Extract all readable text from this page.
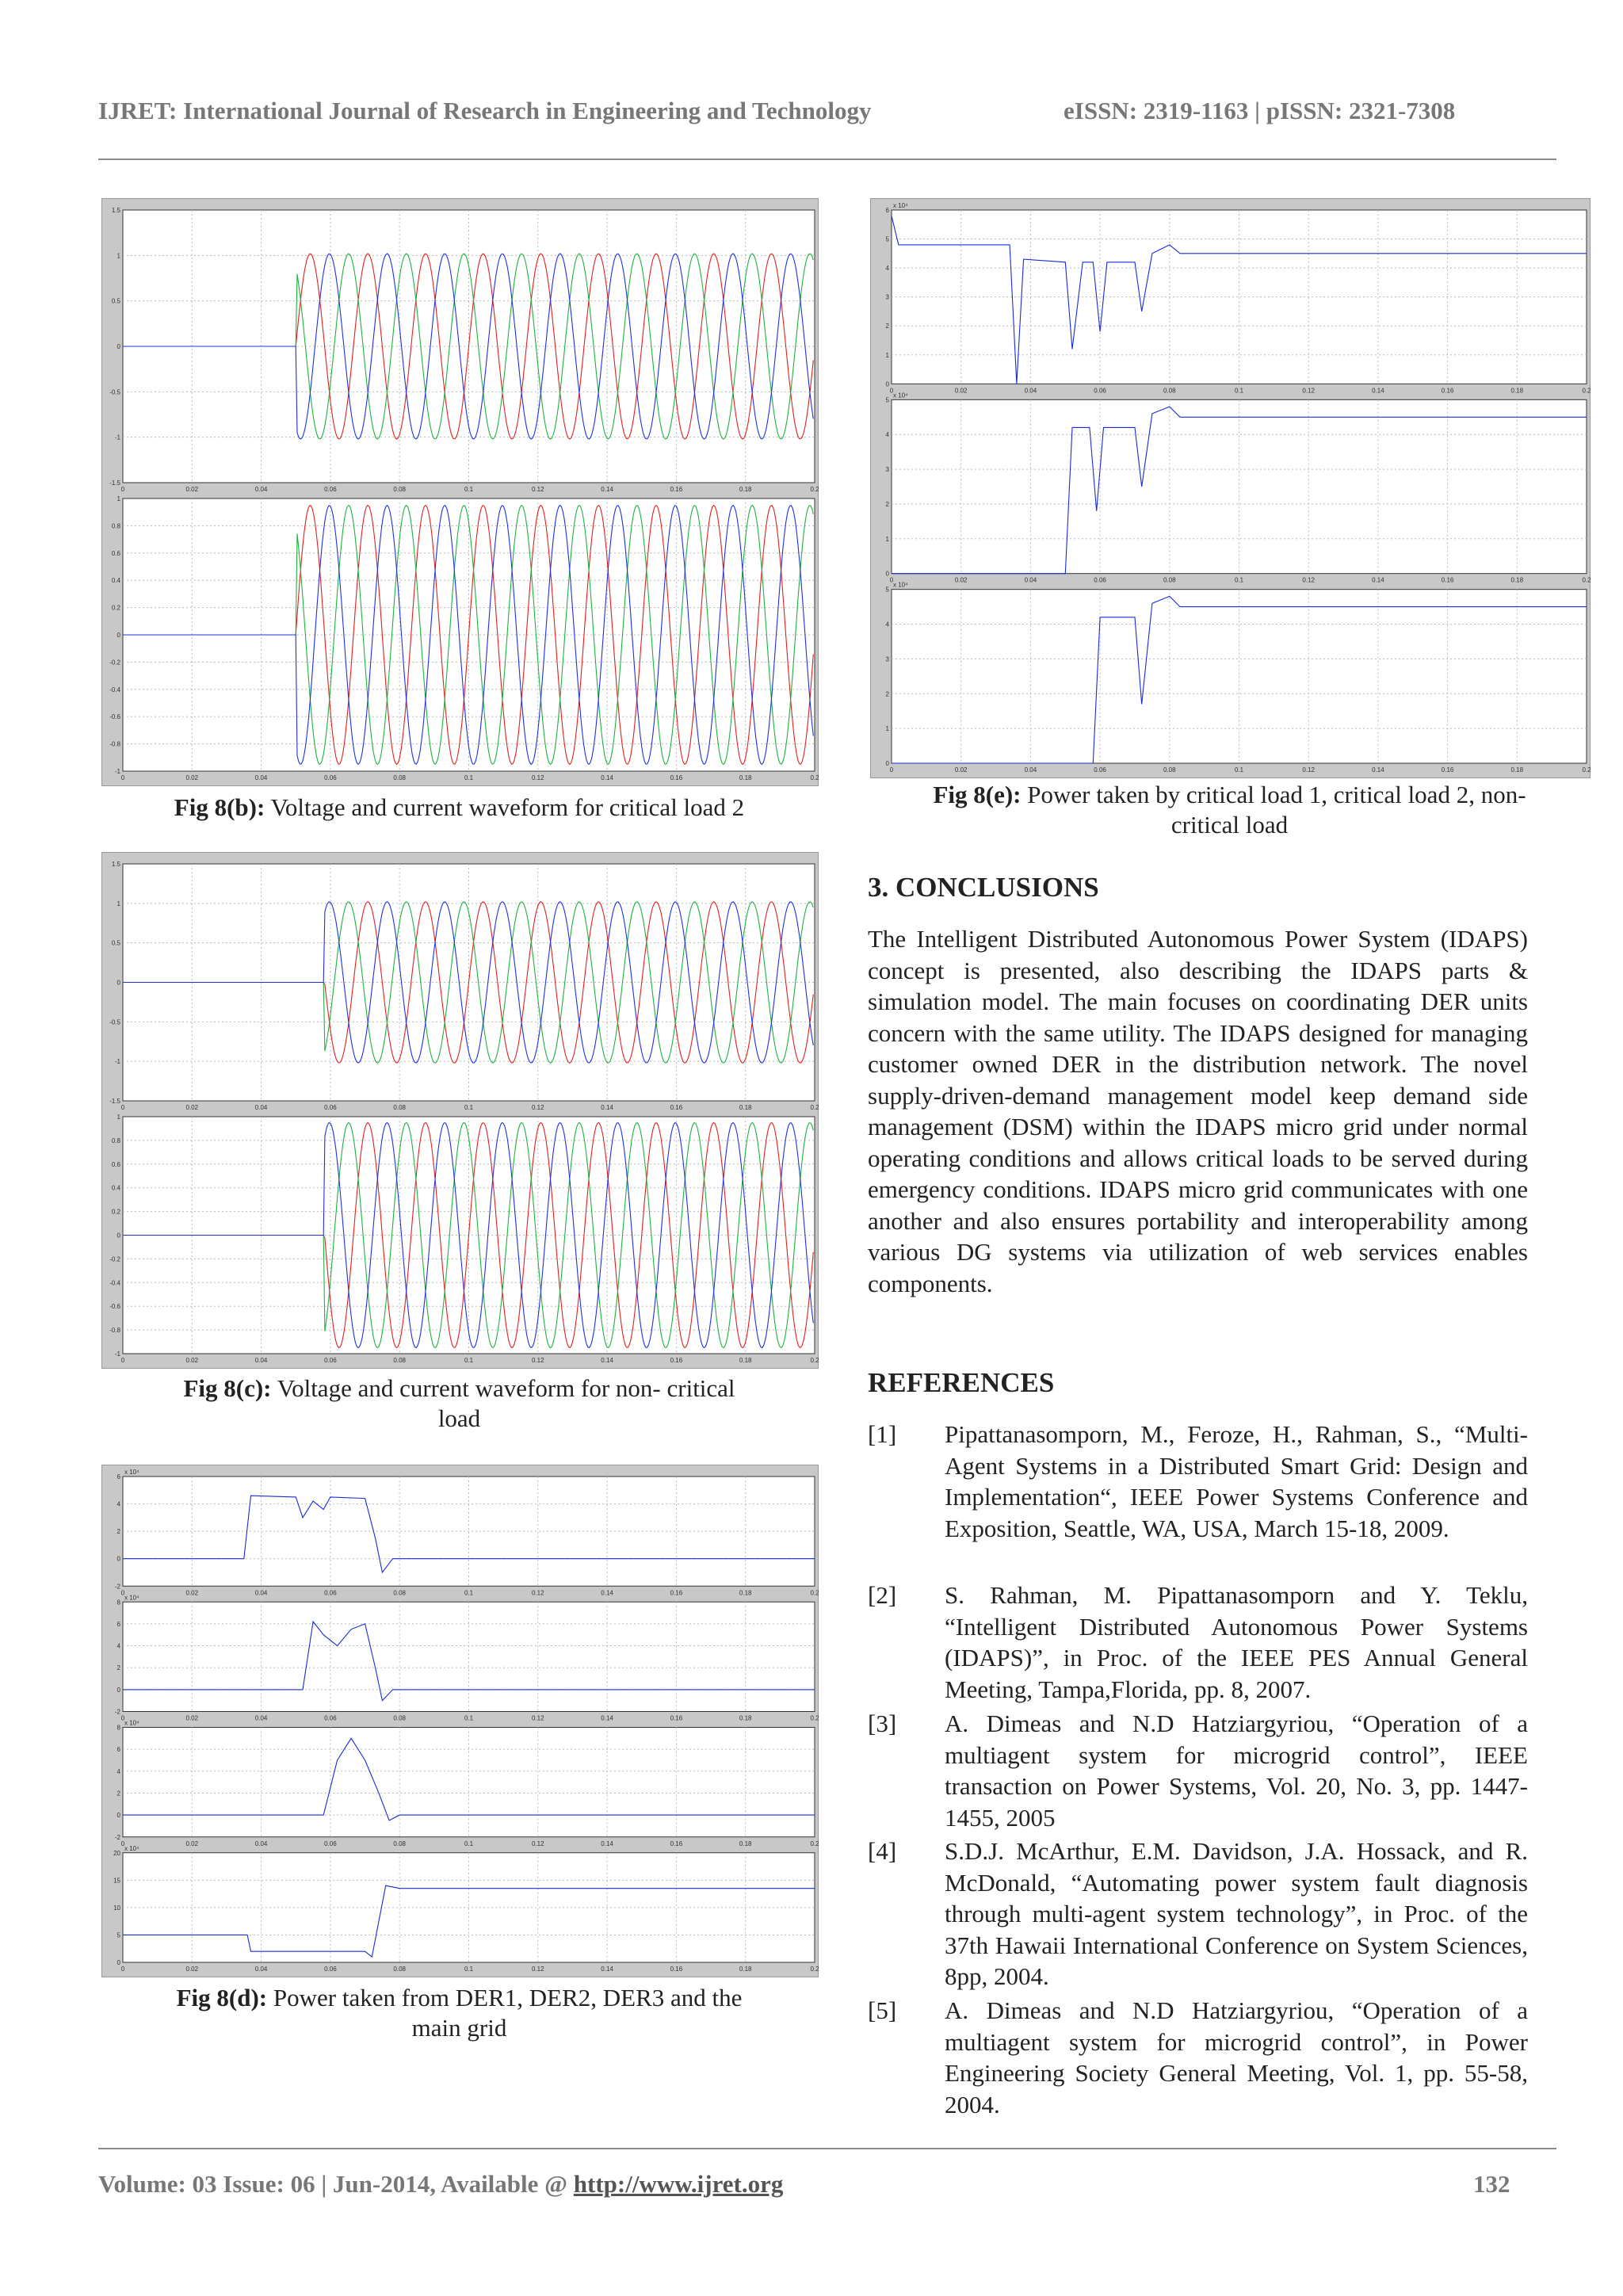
IJRET: International Journal of Research in Engineering and Technology	eISSN: 2319-1163 | pISSN: 2321-7308
0	0.02	0.04	0.06	0.08	0.1	0.12	0.14	0.16	0.18	0.2
1.5
1
0.5
0
-0.5
-1
-1.5
0	0.02	0.04	0.06	0.08	0.1	0.12	0.14	0.16	0.18	0.2
1
0.8
0.6
0.4
0.2
0
-0.2
-0.4
-0.6
-0.8
-1
Fig 8(b): Voltage and current waveform for critical load 2
0	0.02	0.04	0.06	0.08	0.1	0.12	0.14	0.16	0.18	0.2
1.5
1
0.5
0
-0.5
-1
-1.5
0	0.02	0.04	0.06	0.08	0.1	0.12	0.14	0.16	0.18	0.2
1
0.8
0.6
0.4
0.2
0
-0.2
-0.4
-0.6
-0.8
-1
Fig 8(c): Voltage and current waveform for non- critical
load
0	0.02	0.04	0.06	0.08	0.1	0.12	0.14	0.16	0.18	0.2
6
4
2
0
-2
x 10⁴
0	0.02	0.04	0.06	0.08	0.1	0.12	0.14	0.16	0.18	0.2
8
6
4
2
0
-2
x 10⁴
0	0.02	0.04	0.06	0.08	0.1	0.12	0.14	0.16	0.18	0.2
8
6
4
2
0
-2
x 10⁴
0	0.02	0.04	0.06	0.08	0.1	0.12	0.14	0.16	0.18	0.2
20
15
10
5
0
x 10⁴
Fig 8(d): Power taken from DER1, DER2, DER3 and the
main grid
0	0.02	0.04	0.06	0.08	0.1	0.12	0.14	0.16	0.18	0.2
6
5
4
3
2
1
0
x 10⁴
0	0.02	0.04	0.06	0.08	0.1	0.12	0.14	0.16	0.18	0.2
5
4
3
2
1
0
x 10⁴
0	0.02	0.04	0.06	0.08	0.1	0.12	0.14	0.16	0.18	0.2
5
4
3
2
1
0
x 10⁴
Fig 8(e): Power taken by critical load 1, critical load 2, non-
critical load
3. CONCLUSIONS

The Intelligent Distributed Autonomous Power System (IDAPS) concept is presented, also describing the IDAPS parts & simulation model. The main focuses on coordinating DER units concern with the same utility. The IDAPS designed for managing customer owned DER in the distribution network. The novel supply-driven-demand management model keep demand side management (DSM) within the IDAPS micro grid under normal operating conditions and allows critical loads to be served during emergency conditions. IDAPS micro grid communicates with one another and also ensures portability and interoperability among various DG systems via utilization of web services enables components.

REFERENCES
[1] Pipattanasomporn, M., Feroze, H., Rahman, S., “Multi-Agent Systems in a Distributed Smart Grid: Design and Implementation“, IEEE Power Systems Conference and Exposition, Seattle, WA, USA, March 15-18, 2009.
[2] S. Rahman, M. Pipattanasomporn and Y. Teklu, “Intelligent Distributed Autonomous Power Systems (IDAPS)”, in Proc. of the IEEE PES Annual General Meeting, Tampa,Florida, pp. 8, 2007.
[3] A. Dimeas and N.D Hatziargyriou, “Operation of a multiagent system for microgrid control”, IEEE transaction on Power Systems, Vol. 20, No. 3, pp. 1447-1455, 2005
[4] S.D.J. McArthur, E.M. Davidson, J.A. Hossack, and R. McDonald, “Automating power system fault diagnosis through multi-agent system technology”, in Proc. of the 37th Hawaii International Conference on System Sciences, 8pp, 2004.
[5] A. Dimeas and N.D Hatziargyriou, “Operation of a multiagent system for microgrid control”, in Power Engineering Society General Meeting, Vol. 1, pp. 55-58, 2004.
Volume: 03 Issue: 06 | Jun-2014, Available @ http://www.ijret.org	132
